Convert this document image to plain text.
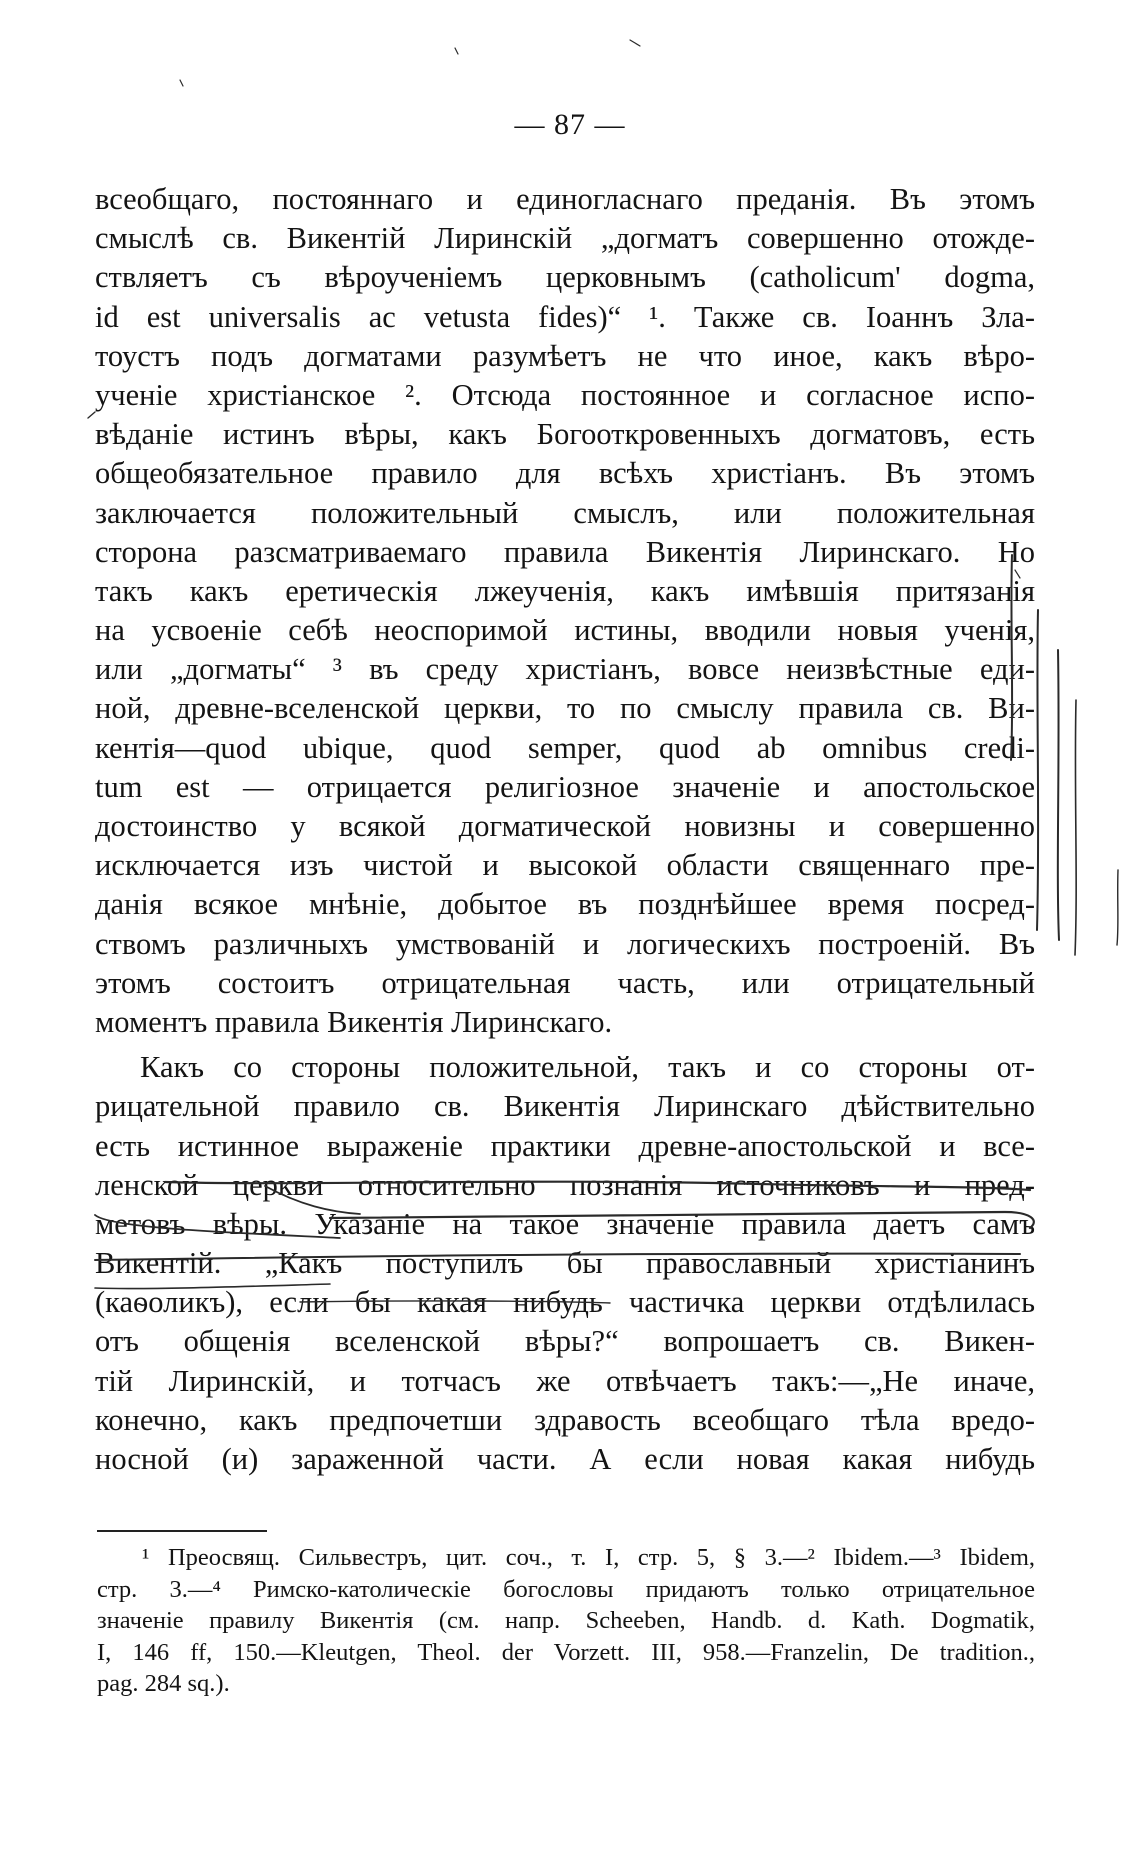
— 87 —
всеобщаго, постояннаго и единогласнаго преданія. Въ этомъ
смыслѣ св. Викентій Лиринскій „догматъ совершенно отожде-
ствляетъ съ вѣроученіемъ церковнымъ (catholicum' dogma,
id est universalis ac vetusta fides)“ ¹. Также св. Іоаннъ Зла-
тоустъ подъ догматами разумѣетъ не что иное, какъ вѣро-
ученіе христіанское ². Отсюда постоянное и согласное испо-
вѣданіе истинъ вѣры, какъ Богооткровенныхъ догматовъ, есть
общеобязательное правило для всѣхъ христіанъ. Въ этомъ
заключается положительный смыслъ, или положительная
сторона разсматриваемаго правила Викентія Лиринскаго. Но
такъ какъ еретическія лжеученія, какъ имѣвшія притязанія
на усвоеніе себѣ неоспоримой истины, вводили новыя ученія,
или „догматы“ ³ въ среду христіанъ, вовсе неизвѣстные еди-
ной, древне-вселенской церкви, то по смыслу правила св. Ви-
кентія—quod ubique, quod semper, quod ab omnibus credi-
tum est — отрицается религіозное значеніе и апостольское
достоинство у всякой догматической новизны и совершенно
исключается изъ чистой и высокой области священнаго пре-
данія всякое мнѣніе, добытое въ позднѣйшее время посред-
ствомъ различныхъ умствованій и логическихъ построеній. Въ
этомъ состоитъ отрицательная часть, или отрицательный
моментъ правила Викентія Лиринскаго.
Какъ со стороны положительной, такъ и со стороны от-
рицательной правило св. Викентія Лиринскаго дѣйствительно
есть истинное выраженіе практики древне-апостольской и все-
ленской церкви относительно познанія источниковъ и пред-
метовъ вѣры. Указаніе на такое значеніе правила даетъ самъ
Викентій. „Какъ поступилъ бы православный христіанинъ
(каѳоликъ), если бы какая нибудь частичка церкви отдѣлилась
отъ общенія вселенской вѣры?“ вопрошаетъ св. Викен-
тій Лиринскій, и тотчасъ же отвѣчаетъ такъ:—„Не иначе,
конечно, какъ предпочетши здравость всеобщаго тѣла вредо-
носной (и) зараженной части. А если новая какая нибудь
¹ Преосвящ. Сильвестръ, цит. соч., т. I, стр. 5, § 3.—² Ibidem.—³ Ibidem,
стр. 3.—⁴ Римско-католическіе богословы придаютъ только отрицательное
значеніе правилу Викентія (см. напр. Scheeben, Handb. d. Kath. Dogmatik,
I, 146 ff, 150.—Kleutgen, Theol. der Vorzett. III, 958.—Franzelin, De tradition.,
pag. 284 sq.).
